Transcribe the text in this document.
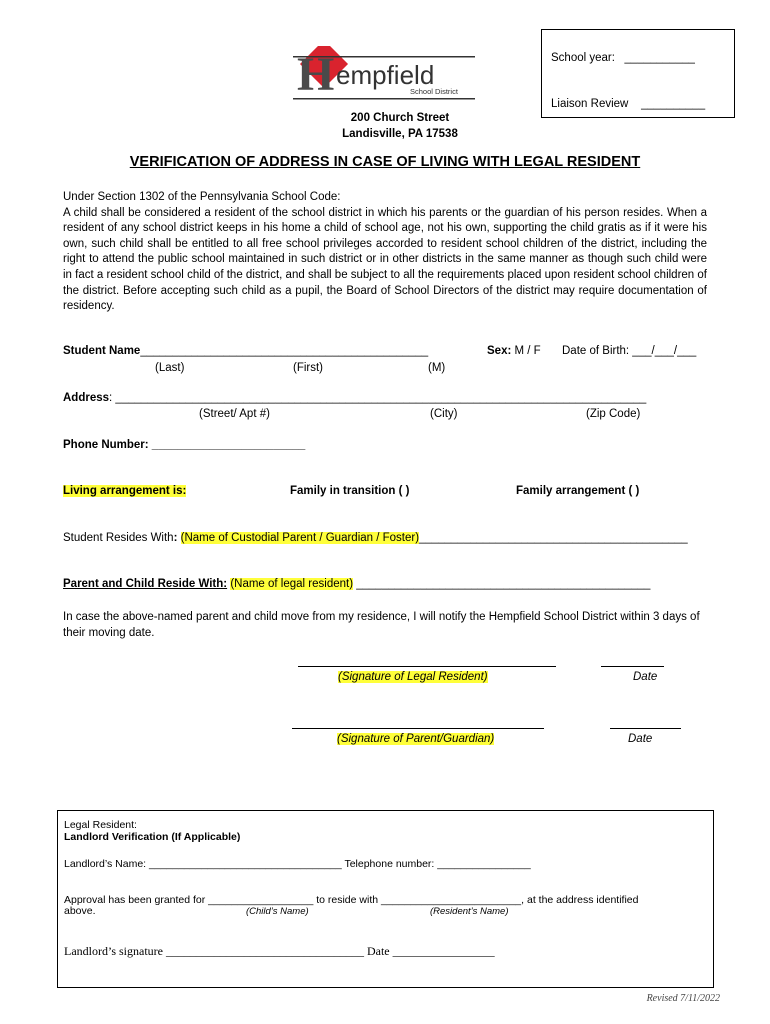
H empfield
School District
200 Church Street
Landisville, PA 17538
School year: ___________
Liaison Review __________
VERIFICATION OF ADDRESS IN CASE OF LIVING WITH LEGAL RESIDENT

Under Section 1302 of the Pennsylvania School Code:

A child shall be considered a resident of the school district in which his parents or the guardian of his person resides. When a resident of any school district keeps in his home a child of school age, not his own, supporting the child gratis as if it were his own, such child shall be entitled to all free school privileges accorded to resident school children of the district, including the right to attend the public school maintained in such district or in other districts in the same manner as though such child were in fact a resident school child of the district, and shall be subject to all the requirements placed upon resident school children of the district. Before accepting such child as a pupil, the Board of School Directors of the district may require documentation of residency.

Student Name_____________________________________________	Sex: M / F Date of Birth: ___/___/___
(Last)	(First)	(M)
Address: ___________________________________________________________________________________
(Street/ Apt #)	(City)	(Zip Code)
Phone Number: ________________________
Living arrangement is:	Family in transition ( )	Family arrangement ( )
Student Resides With: (Name of Custodial Parent / Guardian / Foster)__________________________________________
Parent and Child Reside With: (Name of legal resident) ______________________________________________
In case the above-named parent and child move from my residence, I will notify the Hempfield School District within 3 days of their moving date.
(Signature of Legal Resident)	Date
(Signature of Parent/Guardian)	Date
Legal Resident:
Landlord Verification (If Applicable)
Landlord’s Name: _________________________________ Telephone number: ________________
Approval has been granted for __________________ to reside with ________________________, at the address identified
above.	(Child’s Name)	(Resident’s Name)
Landlord’s signature _________________________________ Date _________________
Revised 7/11/2022
